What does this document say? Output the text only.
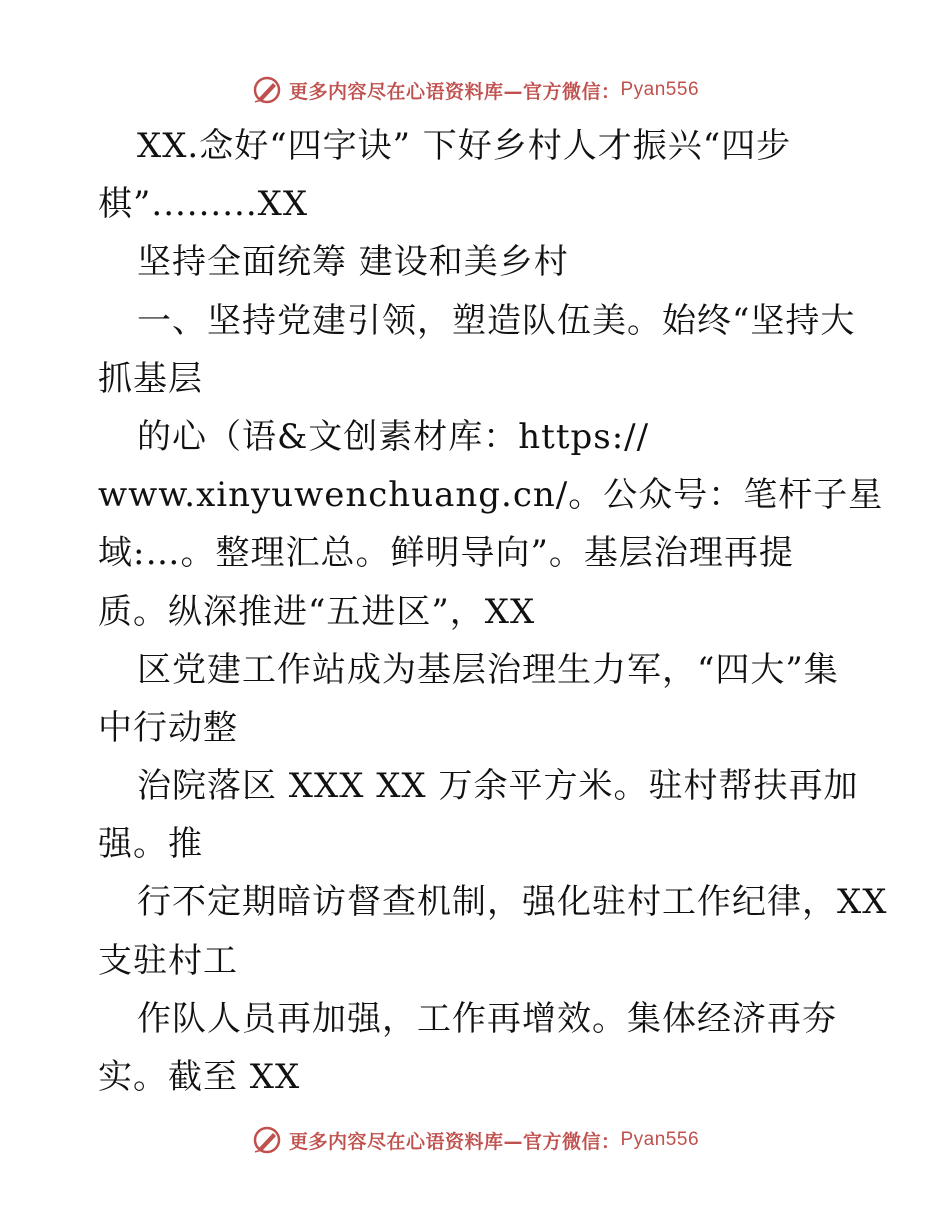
更多内容尽在心语资料库—官方微信： Pyan556
XX.念好“四字诀” 下好乡村人才振兴“四步
棋”.........XX
坚持全面统筹 建设和美乡村
一、坚持党建引领，塑造队伍美。始终“坚持大
抓基层
的心（语&文创素材库：https://
www.xinyuwenchuang.cn/。公众号：笔杆子星
域:…。整理汇总。鲜明导向”。基层治理再提
质。纵深推进“五进区”，XX
区党建工作站成为基层治理生力军，“四大”集
中行动整
治院落区 XXX XX 万余平方米。驻村帮扶再加
强。推
行不定期暗访督查机制，强化驻村工作纪律，XX
支驻村工
作队人员再加强，工作再增效。集体经济再夯
实。截至 XX
更多内容尽在心语资料库—官方微信： Pyan556
